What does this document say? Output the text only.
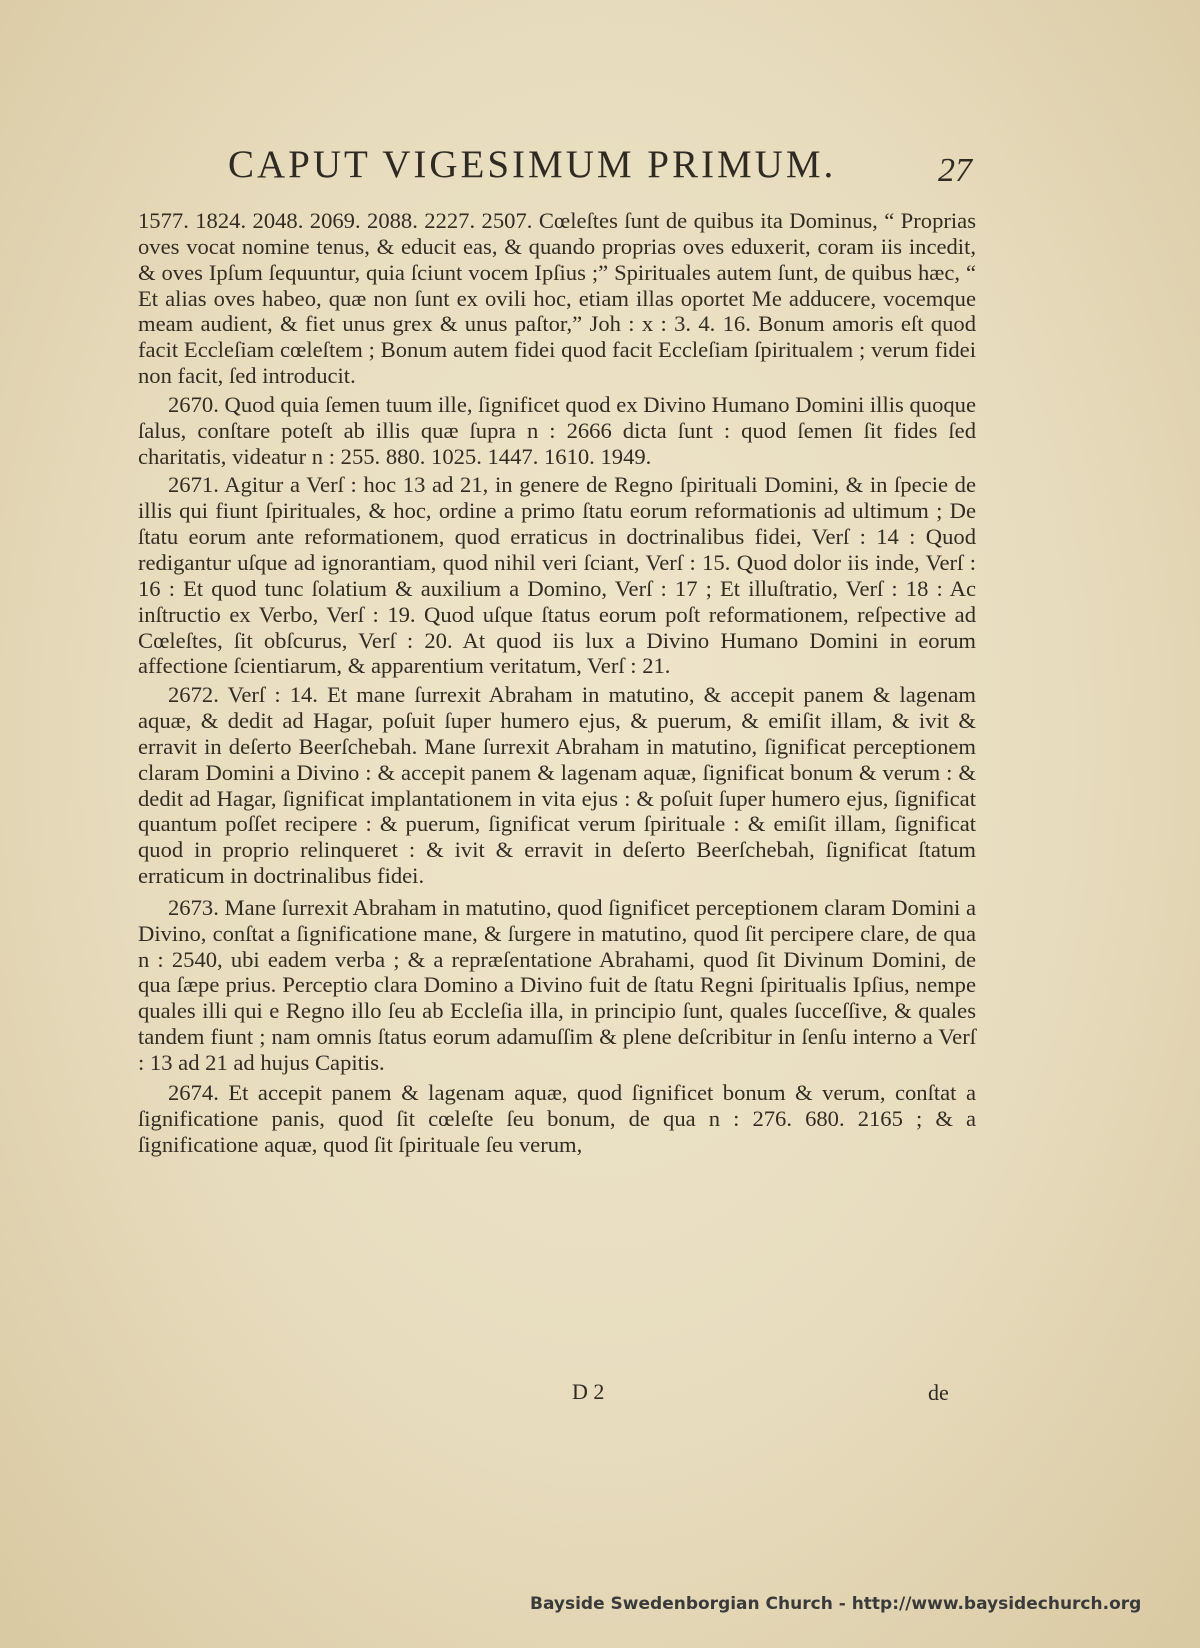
CAPUT VIGESIMUM PRIMUM.	27

1577. 1824. 2048. 2069. 2088. 2227. 2507. Cœleſtes ſunt de quibus ita Dominus, “ Proprias oves vocat nomine tenus, & educit eas, & quando proprias oves eduxerit, coram iis incedit, & oves Ipſum ſequuntur, quia ſciunt vocem Ipſius ;” Spirituales autem ſunt, de quibus hæc, “ Et alias oves habeo, quæ non ſunt ex ovili hoc, etiam illas oportet Me adducere, vocemque meam audient, & fiet unus grex & unus paſtor,” Joh : x : 3. 4. 16. Bonum amoris eſt quod facit Eccleſiam cœleſtem ; Bonum autem fidei quod facit Eccleſiam ſpiritualem ; verum fidei non facit, ſed introducit.

2670. Quod quia ſemen tuum ille, ſignificet quod ex Divino Humano Domini illis quoque ſalus, conſtare poteſt ab illis quæ ſupra n : 2666 dicta ſunt : quod ſemen ſit fides ſed charitatis, videatur n : 255. 880. 1025. 1447. 1610. 1949.

2671. Agitur a Verſ : hoc 13 ad 21, in genere de Regno ſpirituali Domini, & in ſpecie de illis qui fiunt ſpirituales, & hoc, ordine a primo ſtatu eorum reformationis ad ultimum ; De ſtatu eorum ante reformationem, quod erraticus in doctrinalibus fidei, Verſ : 14 : Quod redigantur uſque ad ignorantiam, quod nihil veri ſciant, Verſ : 15. Quod dolor iis inde, Verſ : 16 : Et quod tunc ſolatium & auxilium a Domino, Verſ : 17 ; Et illuſtratio, Verſ : 18 : Ac inſtructio ex Verbo, Verſ : 19. Quod uſque ſtatus eorum poſt reformationem, reſpective ad Cœleſtes, ſit obſcurus, Verſ : 20. At quod iis lux a Divino Humano Domini in eorum affectione ſcientiarum, & apparentium veritatum, Verſ : 21.

2672. Verſ : 14. Et mane ſurrexit Abraham in matutino, & accepit panem & lagenam aquæ, & dedit ad Hagar, poſuit ſuper humero ejus, & puerum, & emiſit illam, & ivit & erravit in deſerto Beerſchebah. Mane ſurrexit Abraham in matutino, ſignificat perceptionem claram Domini a Divino : & accepit panem & lagenam aquæ, ſignificat bonum & verum : & dedit ad Hagar, ſignificat implantationem in vita ejus : & poſuit ſuper humero ejus, ſignificat quantum poſſet recipere : & puerum, ſignificat verum ſpirituale : & emiſit illam, ſignificat quod in proprio relinqueret : & ivit & erravit in deſerto Beerſchebah, ſignificat ſtatum erraticum in doctrinalibus fidei.

2673. Mane ſurrexit Abraham in matutino, quod ſignificet perceptionem claram Domini a Divino, conſtat a ſignificatione mane, & ſurgere in matutino, quod ſit percipere clare, de qua n : 2540, ubi eadem verba ; & a repræſentatione Abrahami, quod ſit Divinum Domini, de qua ſæpe prius. Perceptio clara Domino a Divino fuit de ſtatu Regni ſpiritualis Ipſius, nempe quales illi qui e Regno illo ſeu ab Eccleſia illa, in principio ſunt, quales ſucceſſive, & quales tandem fiunt ; nam omnis ſtatus eorum adamuſſim & plene deſcribitur in ſenſu interno a Verſ : 13 ad 21 ad hujus Capitis.

2674. Et accepit panem & lagenam aquæ, quod ſignificet bonum & verum, conſtat a ſignificatione panis, quod ſit cœleſte ſeu bonum, de qua n : 276. 680. 2165 ; & a ſignificatione aquæ, quod ſit ſpirituale ſeu verum,

D 2	de
Bayside Swedenborgian Church - http://www.baysidechurch.org
